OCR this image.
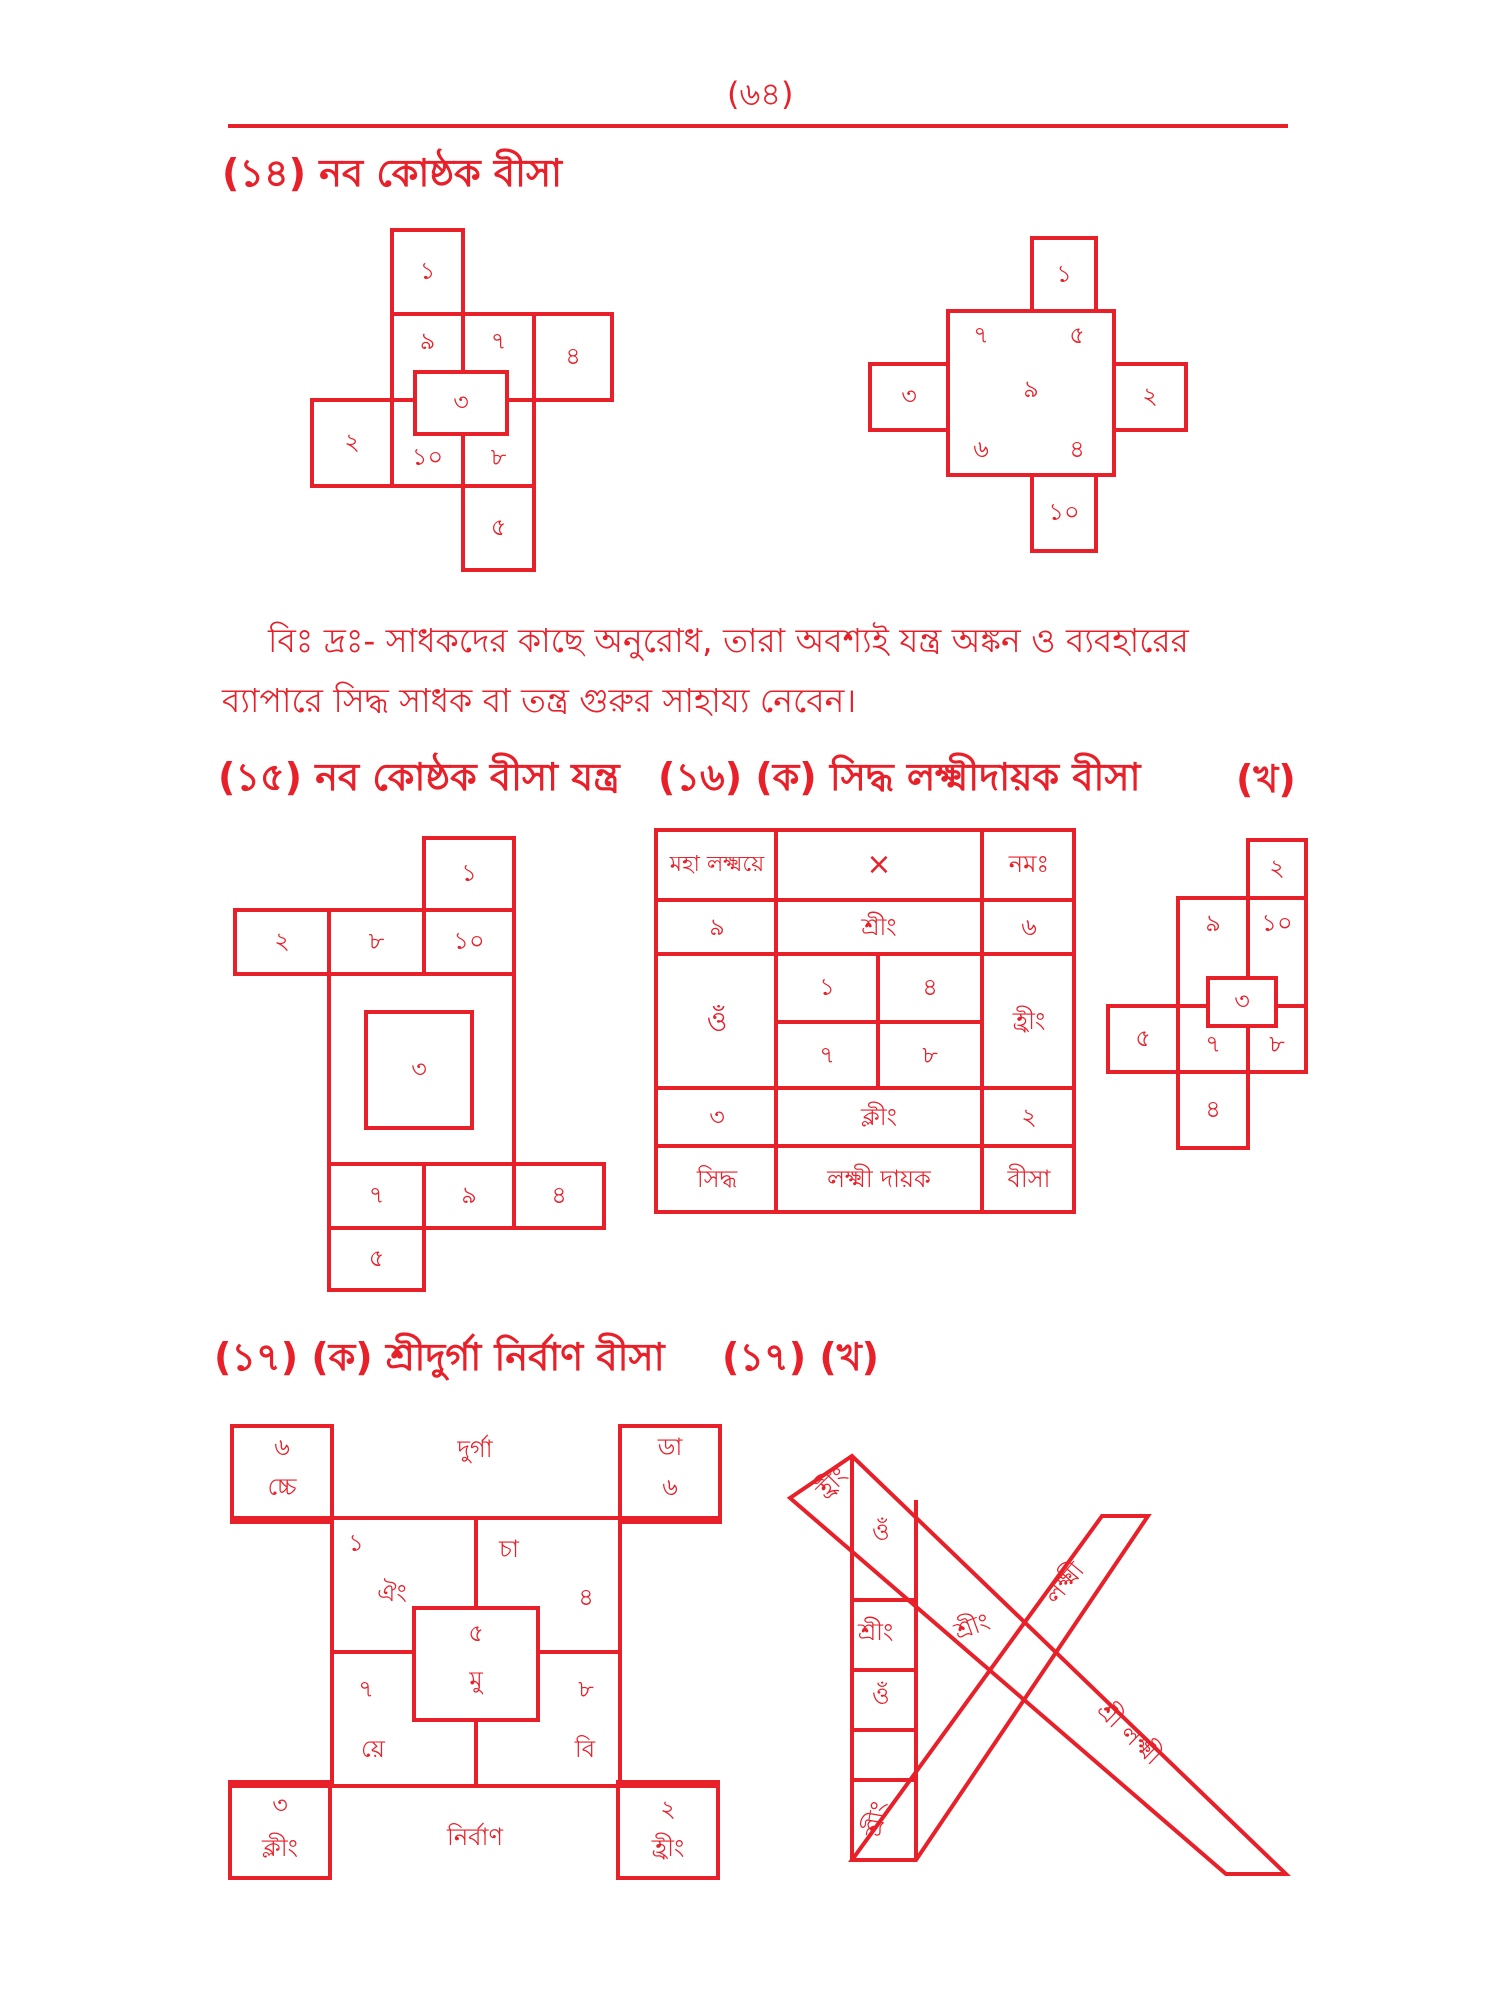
(৬৪)
(১৪) নব কোষ্ঠক বীসা
১
৯	৭
৪
২
১০	৮
৩
৫
১
৭	৫
৯
৬	৪
৩	২
১০
বিঃ দ্রঃ- সাধকদের কাছে অনুরোধ, তারা অবশ্যই যন্ত্র অঙ্কন ও ব্যবহারের
ব্যাপারে সিদ্ধ সাধক বা তন্ত্র গুরুর সাহায্য নেবেন।
(১৫) নব কোষ্ঠক বীসা যন্ত্র (১৬) (ক) সিদ্ধ লক্ষ্মীদায়ক বীসা	(খ)
১
২	৮	১০
৩
৭	৯	৪
৫
মহা লক্ষ্ময়ে	×	নমঃ
৯	শ্রীং	৬
ওঁ	হ্রীং
১	৪
৭	৮
৩	ক্লীং	২
সিদ্ধ	লক্ষ্মী দায়ক	বীসা
২
৯	১০
৫	৭	৮
৩
৪
(১৭) (ক) শ্রীদুর্গা নির্বাণ বীসা (১৭) (খ)
৬
চ্চে
দুর্গা	ডা
৬
১
ঐং
চা
৪
৫
মু
৭
য়ে
৮
বি
৩
ক্লীং	নির্বাণ
২
হ্রীং
হ্রীং
ওঁ
শ্রীং
ওঁ
শ্রীং
শ্রীং
লক্ষ্মী
শ্রী লক্ষ্মী
